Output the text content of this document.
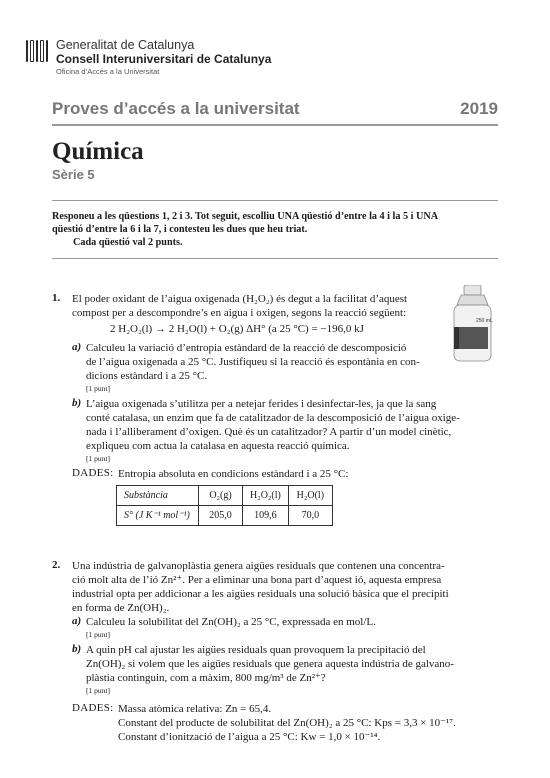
Generalitat de Catalunya
Consell Interuniversitari de Catalunya
Oficina d’Accés a la Universitat
Proves d’accés a la universitat	2019
Química
Sèrie 5
Responeu a les qüestions 1, 2 i 3. Tot seguit, escolliu UNA qüestió d’entre la 4 i la 5 i UNA
qüestió d’entre la 6 i la 7, i contesteu les dues que heu triat.
Cada qüestió val 2 punts.
1. El poder oxidant de l’aigua oxigenada (H₂O₂) és degut a la facilitat d’aquest
compost per a descompondre’s en aigua i oxigen, segons la reacció següent:
2 H₂O₂(l) → 2 H₂O(l) + O₂(g) ΔH° (a 25 °C) = −196,0 kJ
250 mL
a) Calculeu la variació d’entropia estàndard de la reacció de descomposició
de l’aigua oxigenada a 25 °C. Justifiqueu si la reacció és espontània en con-
dicions estàndard i a 25 °C.
[1 punt]
b) L’aigua oxigenada s’utilitza per a netejar ferides i desinfectar-les, ja que la sang
conté catalasa, un enzim que fa de catalitzador de la descomposició de l’aigua oxige-
nada i l’alliberament d’oxigen. Què és un catalitzador? A partir d’un model cinètic,
expliqueu com actua la catalasa en aquesta reacció química.
[1 punt]
DADES: Entropia absoluta en condicions estàndard i a 25 °C:
Substància	O₂(g)	H₂O₂(l)	H₂O(l)
S° (J K⁻¹ mol⁻¹)	205,0	109,6	70,0
2. Una indústria de galvanoplàstia genera aigües residuals que contenen una concentra-
ció molt alta de l’ió Zn²⁺. Per a eliminar una bona part d’aquest ió, aquesta empresa
industrial opta per addicionar a les aigües residuals una solució bàsica que el precipiti
en forma de Zn(OH)₂.
a) Calculeu la solubilitat del Zn(OH)₂ a 25 °C, expressada en mol/L.
[1 punt]
b) A quin pH cal ajustar les aigües residuals quan provoquem la precipitació del
Zn(OH)₂ si volem que les aigües residuals que genera aquesta indústria de galvano-
plàstia continguin, com a màxim, 800 mg/m³ de Zn²⁺?
[1 punt]
DADES: Massa atòmica relativa: Zn = 65,4.
Constant del producte de solubilitat del Zn(OH)₂ a 25 °C: Kps = 3,3 × 10⁻¹⁷.
Constant d’ionització de l’aigua a 25 °C: Kw = 1,0 × 10⁻¹⁴.
